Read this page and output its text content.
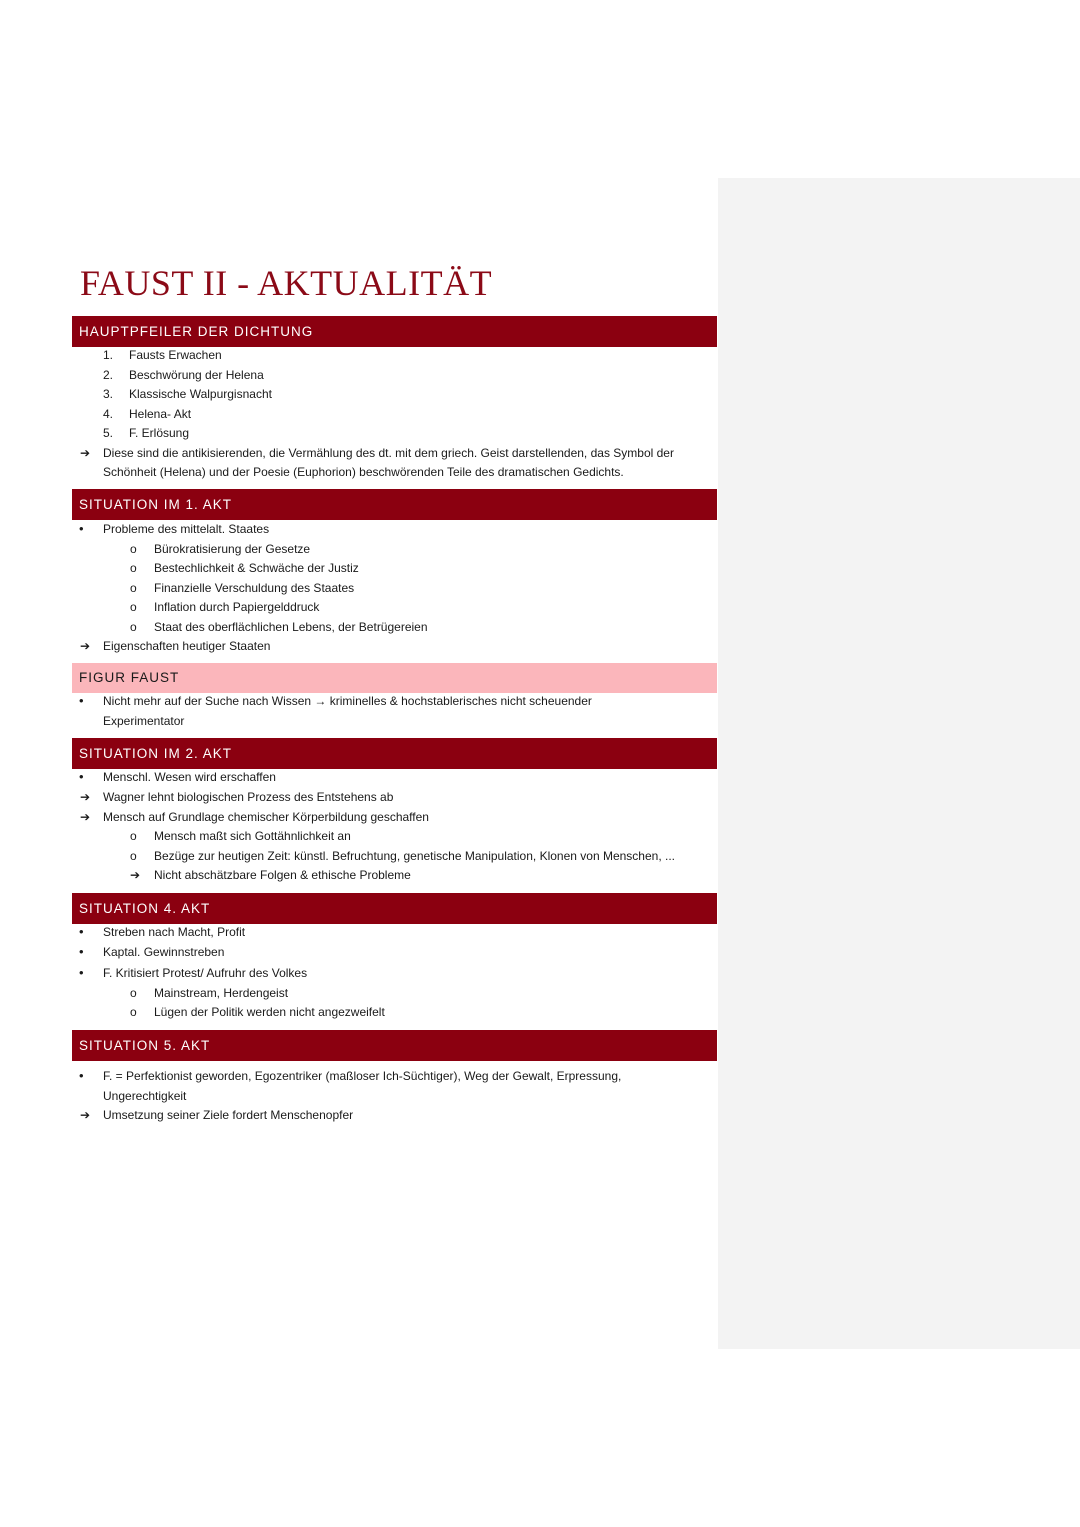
FAUST II - AKTUALITÄT
HAUPTPFEILER DER DICHTUNG
1. Fausts Erwachen
2. Beschwörung der Helena
3. Klassische Walpurgisnacht
4. Helena- Akt
5. F. Erlösung
➔ Diese sind die antikisierenden, die Vermählung des dt. mit dem griech. Geist darstellenden, das Symbol der
Schönheit (Helena) und der Poesie (Euphorion) beschwörenden Teile des dramatischen Gedichts.
SITUATION IM 1. AKT
• Probleme des mittelalt. Staates
o Bürokratisierung der Gesetze
o Bestechlichkeit & Schwäche der Justiz
o Finanzielle Verschuldung des Staates
o Inflation durch Papiergelddruck
o Staat des oberflächlichen Lebens, der Betrügereien
➔ Eigenschaften heutiger Staaten
FIGUR FAUST
• Nicht mehr auf der Suche nach Wissen → kriminelles & hochstablerisches nicht scheuender
Experimentator
SITUATION IM 2. AKT
• Menschl. Wesen wird erschaffen
➔ Wagner lehnt biologischen Prozess des Entstehens ab
➔ Mensch auf Grundlage chemischer Körperbildung geschaffen
o Mensch maßt sich Gottähnlichkeit an
o Bezüge zur heutigen Zeit: künstl. Befruchtung, genetische Manipulation, Klonen von Menschen, ...
➔ Nicht abschätzbare Folgen & ethische Probleme
SITUATION 4. AKT
• Streben nach Macht, Profit
• Kaptal. Gewinnstreben
• F. Kritisiert Protest/ Aufruhr des Volkes
o Mainstream, Herdengeist
o Lügen der Politik werden nicht angezweifelt
SITUATION 5. AKT
• F. = Perfektionist geworden, Egozentriker (maßloser Ich-Süchtiger), Weg der Gewalt, Erpressung,
Ungerechtigkeit
➔ Umsetzung seiner Ziele fordert Menschenopfer
